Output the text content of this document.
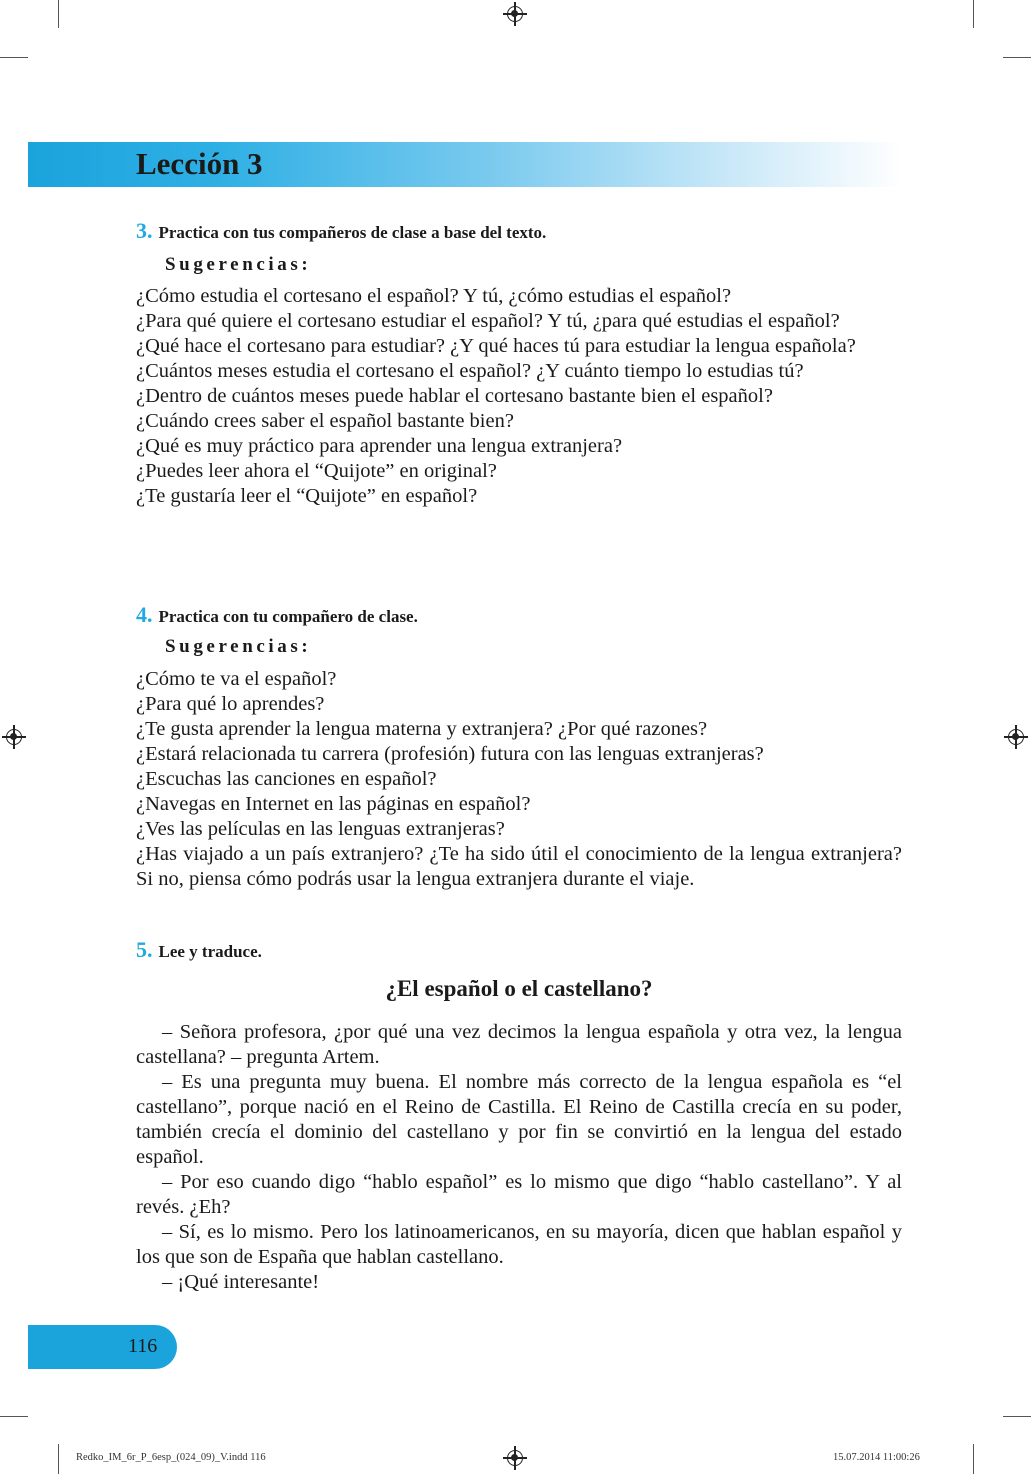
Lección 3
3. Practica con tus compañeros de clase a base del texto.
Sugerencias:

¿Cómo estudia el cortesano el español? Y tú, ¿cómo estudias el español?

¿Para qué quiere el cortesano estudiar el español? Y tú, ¿para qué estudias el español?

¿Qué hace el cortesano para estudiar? ¿Y qué haces tú para estudiar la lengua española?

¿Cuántos meses estudia el cortesano el español? ¿Y cuánto tiempo lo estudias tú?

¿Dentro de cuántos meses puede hablar el cortesano bastante bien el español?

¿Cuándo crees saber el español bastante bien?

¿Qué es muy práctico para aprender una lengua extranjera?

¿Puedes leer ahora el “Quijote” en original?

¿Te gustaría leer el “Quijote” en español?

4. Practica con tu compañero de clase.
Sugerencias:

¿Cómo te va el español?

¿Para qué lo aprendes?

¿Te gusta aprender la lengua materna y extranjera? ¿Por qué razones?

¿Estará relacionada tu carrera (profesión) futura con las lenguas extranjeras?

¿Escuchas las canciones en español?

¿Navegas en Internet en las páginas en español?

¿Ves las películas en las lenguas extranjeras?

¿Has viajado a un país extranjero? ¿Te ha sido útil el conocimiento de la lengua extranjera? Si no, piensa cómo podrás usar la lengua extranjera durante el viaje.

5. Lee y traduce.
¿El español o el castellano?

– Señora profesora, ¿por qué una vez decimos la lengua española y otra vez, la lengua castellana? – pregunta Artem.

– Es una pregunta muy buena. El nombre más correcto de la lengua española es “el castellano”, porque nació en el Reino de Castilla. El Reino de Castilla crecía en su poder, también crecía el dominio del castellano y por fin se convirtió en la lengua del estado español.

– Por eso cuando digo “hablo español” es lo mismo que digo “hablo castellano”. Y al revés. ¿Eh?

– Sí, es lo mismo. Pero los latinoamericanos, en su mayoría, dicen que hablan español y los que son de España que hablan castellano.

– ¡Qué interesante!

116
Redko_IM_6r_P_6esp_(024_09)_V.indd 116	15.07.2014 11:00:26
